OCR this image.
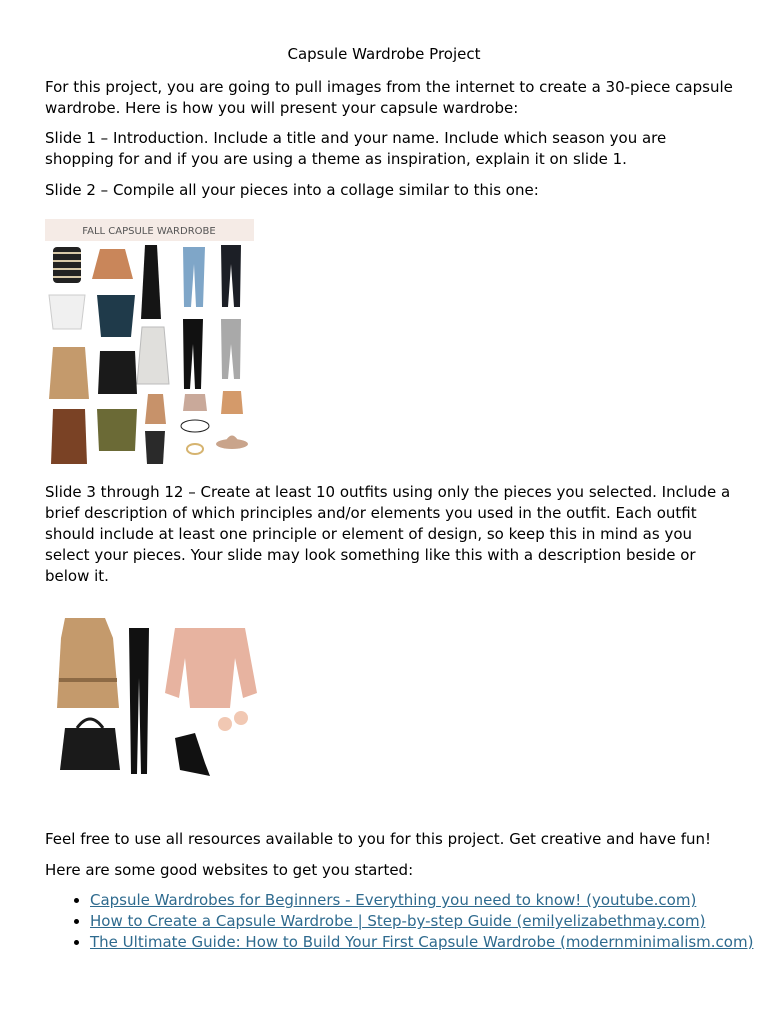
Capsule Wardrobe Project

For this project, you are going to pull images from the internet to create a 30-piece capsule wardrobe. Here is how you will present your capsule wardrobe:

Slide 1 – Introduction. Include a title and your name. Include which season you are shopping for and if you are using a theme as inspiration, explain it on slide 1.

Slide 2 – Compile all your pieces into a collage similar to this one:

FALL CAPSULE WARDROBE

Slide 3 through 12 – Create at least 10 outfits using only the pieces you selected. Include a brief description of which principles and/or elements you used in the outfit. Each outfit should include at least one principle or element of design, so keep this in mind as you select your pieces. Your slide may look something like this with a description beside or below it.

Feel free to use all resources available to you for this project. Get creative and have fun!

Here are some good websites to get you started:

• Capsule Wardrobes for Beginners - Everything you need to know! (youtube.com)
• How to Create a Capsule Wardrobe | Step-by-step Guide (emilyelizabethmay.com)
• The Ultimate Guide: How to Build Your First Capsule Wardrobe (modernminimalism.com)
